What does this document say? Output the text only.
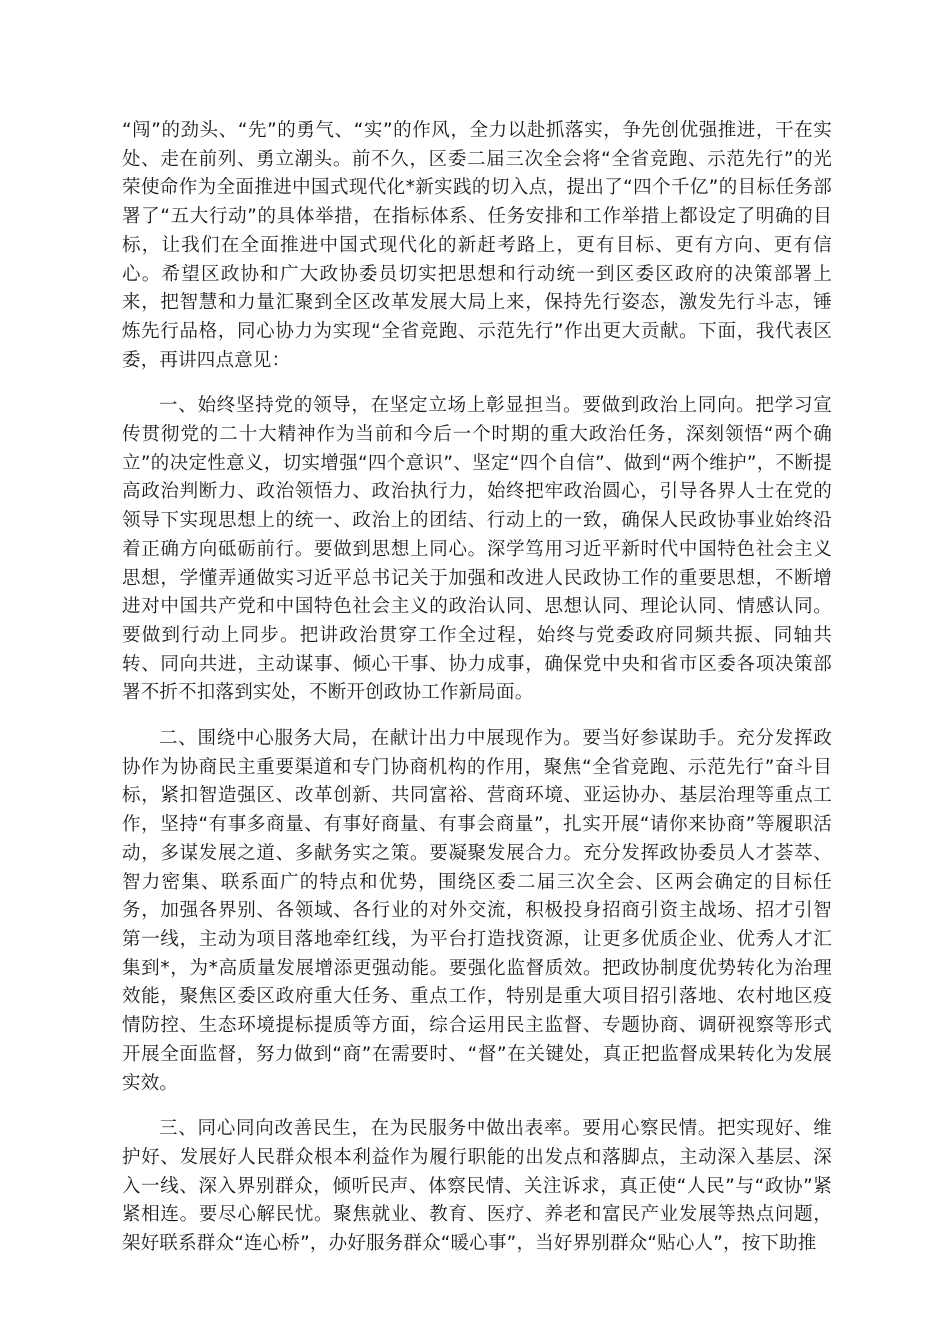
“闯”的劲头、“先”的勇气、“实”的作风，全力以赴抓落实，争先创优强推进，干在实处、走在前列、勇立潮头。前不久，区委二届三次全会将“全省竞跑、示范先行”的光荣使命作为全面推进中国式现代化*新实践的切入点，提出了“四个千亿”的目标任务部署了“五大行动”的具体举措，在指标体系、任务安排和工作举措上都设定了明确的目标，让我们在全面推进中国式现代化的新赶考路上，更有目标、更有方向、更有信心。希望区政协和广大政协委员切实把思想和行动统一到区委区政府的决策部署上来，把智慧和力量汇聚到全区改革发展大局上来，保持先行姿态，激发先行斗志，锤炼先行品格，同心协力为实现“全省竞跑、示范先行”作出更大贡献。下面，我代表区委，再讲四点意见：

一、始终坚持党的领导，在坚定立场上彰显担当。要做到政治上同向。把学习宣传贯彻党的二十大精神作为当前和今后一个时期的重大政治任务，深刻领悟“两个确立”的决定性意义，切实增强“四个意识”、坚定“四个自信”、做到“两个维护”，不断提高政治判断力、政治领悟力、政治执行力，始终把牢政治圆心，引导各界人士在党的领导下实现思想上的统一、政治上的团结、行动上的一致，确保人民政协事业始终沿着正确方向砥砺前行。要做到思想上同心。深学笃用习近平新时代中国特色社会主义思想，学懂弄通做实习近平总书记关于加强和改进人民政协工作的重要思想，不断增进对中国共产党和中国特色社会主义的政治认同、思想认同、理论认同、情感认同。要做到行动上同步。把讲政治贯穿工作全过程，始终与党委政府同频共振、同轴共转、同向共进，主动谋事、倾心干事、协力成事，确保党中央和省市区委各项决策部署不折不扣落到实处，不断开创政协工作新局面。

二、围绕中心服务大局，在献计出力中展现作为。要当好参谋助手。充分发挥政协作为协商民主重要渠道和专门协商机构的作用，聚焦“全省竞跑、示范先行”奋斗目标，紧扣智造强区、改革创新、共同富裕、营商环境、亚运协办、基层治理等重点工作，坚持“有事多商量、有事好商量、有事会商量”，扎实开展“请你来协商”等履职活动，多谋发展之道、多献务实之策。要凝聚发展合力。充分发挥政协委员人才荟萃、智力密集、联系面广的特点和优势，围绕区委二届三次全会、区两会确定的目标任务，加强各界别、各领域、各行业的对外交流，积极投身招商引资主战场、招才引智第一线，主动为项目落地牵红线，为平台打造找资源，让更多优质企业、优秀人才汇集到*，为*高质量发展增添更强动能。要强化监督质效。把政协制度优势转化为治理效能，聚焦区委区政府重大任务、重点工作，特别是重大项目招引落地、农村地区疫情防控、生态环境提标提质等方面，综合运用民主监督、专题协商、调研视察等形式开展全面监督，努力做到“商”在需要时、“督”在关键处，真正把监督成果转化为发展实效。

三、同心同向改善民生，在为民服务中做出表率。要用心察民情。把实现好、维护好、发展好人民群众根本利益作为履行职能的出发点和落脚点，主动深入基层、深入一线、深入界别群众，倾听民声、体察民情、关注诉求，真正使“人民”与“政协”紧紧相连。要尽心解民忧。聚焦就业、教育、医疗、养老和富民产业发展等热点问题，架好联系群众“连心桥”，办好服务群众“暖心事”，当好界别群众“贴心人”，按下助推
